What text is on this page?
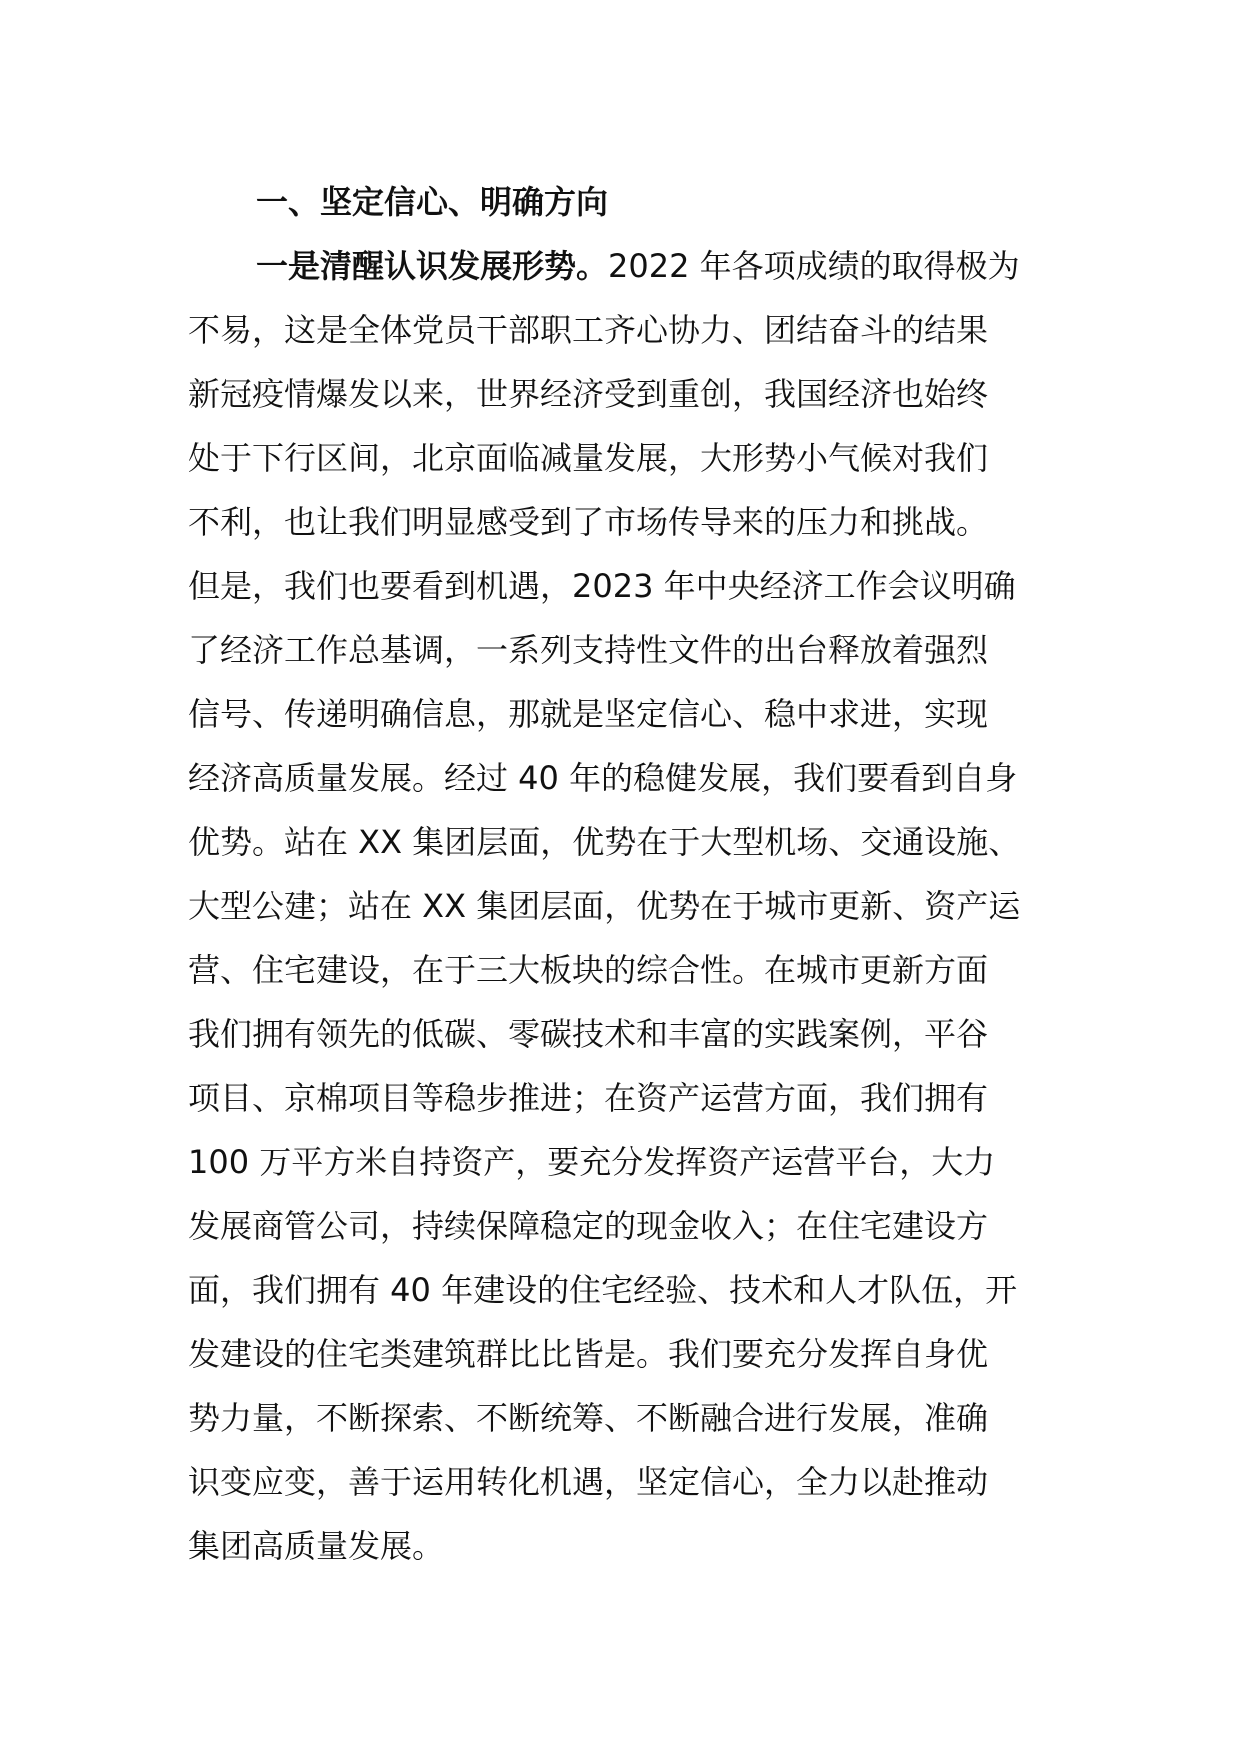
一、坚定信心、明确方向
一是清醒认识发展形势。2022 年各项成绩的取得极为
不易，这是全体党员干部职工齐心协力、团结奋斗的结果
新冠疫情爆发以来，世界经济受到重创，我国经济也始终
处于下行区间，北京面临减量发展，大形势小气候对我们
不利，也让我们明显感受到了市场传导来的压力和挑战。
但是，我们也要看到机遇，2023 年中央经济工作会议明确
了经济工作总基调，一系列支持性文件的出台释放着强烈
信号、传递明确信息，那就是坚定信心、稳中求进，实现
经济高质量发展。经过 40 年的稳健发展，我们要看到自身
优势。站在 XX 集团层面，优势在于大型机场、交通设施、
大型公建；站在 XX 集团层面，优势在于城市更新、资产运
营、住宅建设，在于三大板块的综合性。在城市更新方面
我们拥有领先的低碳、零碳技术和丰富的实践案例，平谷
项目、京棉项目等稳步推进；在资产运营方面，我们拥有
100 万平方米自持资产，要充分发挥资产运营平台，大力
发展商管公司，持续保障稳定的现金收入；在住宅建设方
面，我们拥有 40 年建设的住宅经验、技术和人才队伍，开
发建设的住宅类建筑群比比皆是。我们要充分发挥自身优
势力量，不断探索、不断统筹、不断融合进行发展，准确
识变应变，善于运用转化机遇，坚定信心，全力以赴推动
集团高质量发展。
